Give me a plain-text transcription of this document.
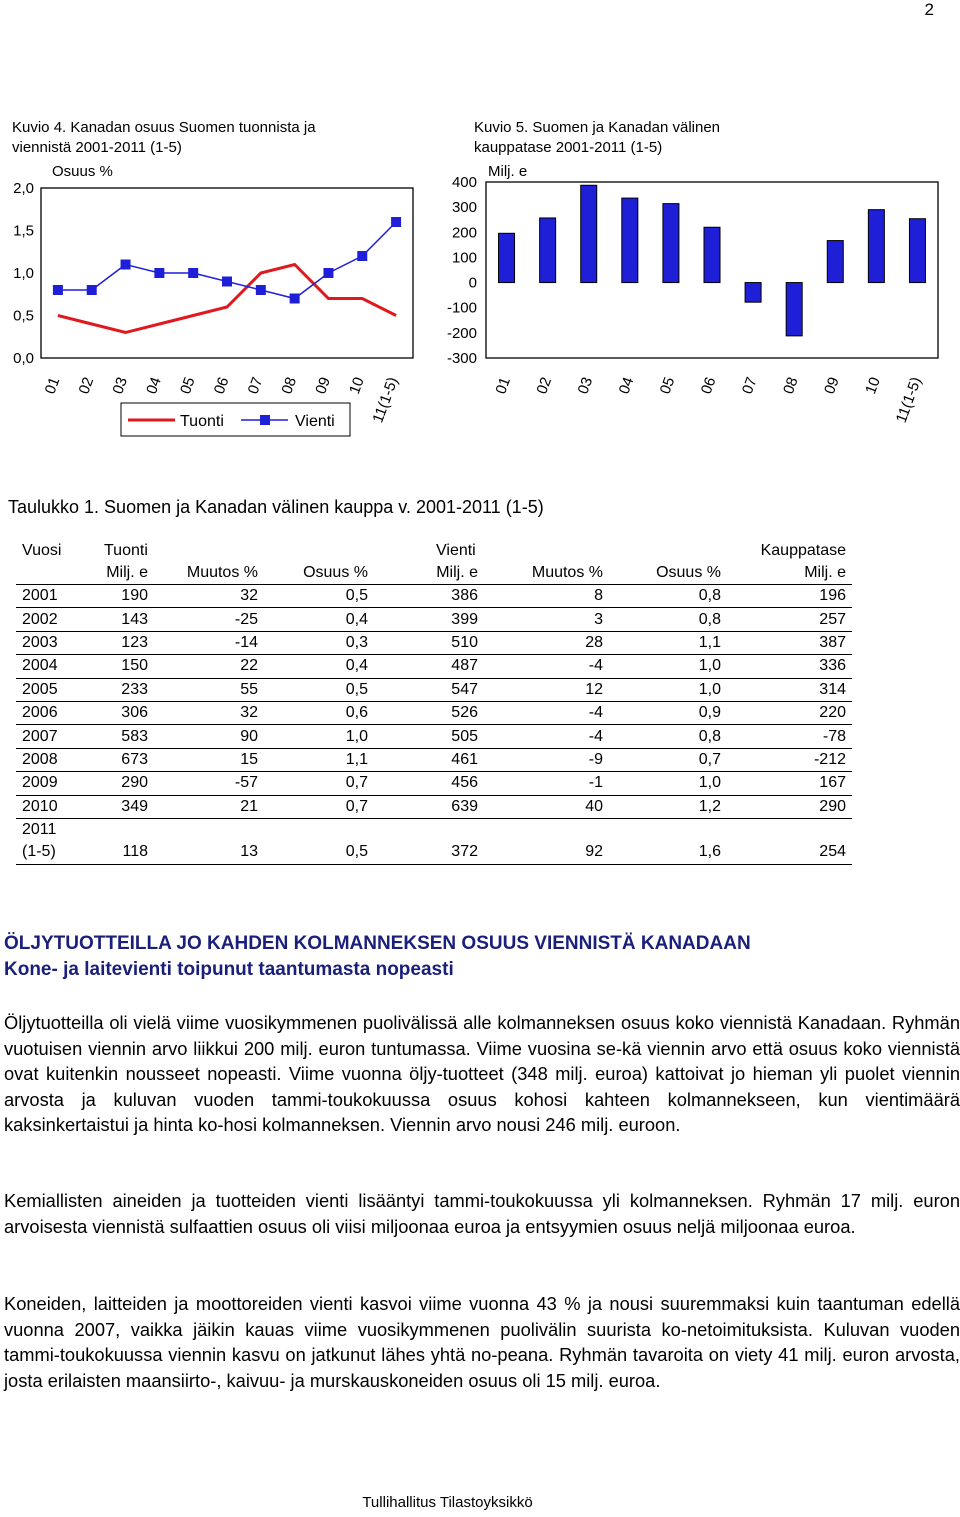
2
Kuvio 4. Kanadan osuus Suomen tuonnista ja
viennistä 2001-2011 (1-5)
Osuus %
0,0
0,5
1,0
1,5
2,0
01 02 03 04 05 06 07 08 09 10 11(1-5)
Tuonti	Vienti
Kuvio 5. Suomen ja Kanadan välinen
kauppatase 2001-2011 (1-5)
Milj. e
-300
-200
-100
0
100
200
300
400
01 02 03 04 05 06 07 08 09 10 11(1-5)
Taulukko 1. Suomen ja Kanadan välinen kauppa v. 2001-2011 (1-5)
Vuosi	Tuonti			Vienti			Kauppatase
	Milj. e	Muutos %	Osuus %	Milj. e	Muutos %	Osuus %	Milj. e
2001	190	32	0,5	386	8	0,8	196
2002	143	-25	0,4	399	3	0,8	257
2003	123	-14	0,3	510	28	1,1	387
2004	150	22	0,4	487	-4	1,0	336
2005	233	55	0,5	547	12	1,0	314
2006	306	32	0,6	526	-4	0,9	220
2007	583	90	1,0	505	-4	0,8	-78
2008	673	15	1,1	461	-9	0,7	-212
2009	290	-57	0,7	456	-1	1,0	167
2010	349	21	0,7	639	40	1,2	290
2011							
(1-5)	118	13	0,5	372	92	1,6	254
ÖLJYTUOTTEILLA JO KAHDEN KOLMANNEKSEN OSUUS VIENNISTÄ KANADAAN
Kone- ja laitevienti toipunut taantumasta nopeasti

Öljytuotteilla oli vielä viime vuosikymmenen puolivälissä alle kolmanneksen osuus koko viennistä Kanadaan. Ryhmän vuotuisen viennin arvo liikkui 200 milj. euron tuntumassa. Viime vuosina se-kä viennin arvo että osuus koko viennistä ovat kuitenkin nousseet nopeasti. Viime vuonna öljy-tuotteet (348 milj. euroa) kattoivat jo hieman yli puolet viennin arvosta ja kuluvan vuoden tammi-toukokuussa osuus kohosi kahteen kolmannekseen, kun vientimäärä kaksinkertaistui ja hinta ko-hosi kolmanneksen. Viennin arvo nousi 246 milj. euroon.

Kemiallisten aineiden ja tuotteiden vienti lisääntyi tammi-toukokuussa yli kolmanneksen. Ryhmän 17 milj. euron arvoisesta viennistä sulfaattien osuus oli viisi miljoonaa euroa ja entsyymien osuus neljä miljoonaa euroa.

Koneiden, laitteiden ja moottoreiden vienti kasvoi viime vuonna 43 % ja nousi suuremmaksi kuin taantuman edellä vuonna 2007, vaikka jäikin kauas viime vuosikymmenen puolivälin suurista ko-netoimituksista. Kuluvan vuoden tammi-toukokuussa viennin kasvu on jatkunut lähes yhtä no-peana. Ryhmän tavaroita on viety 41 milj. euron arvosta, josta erilaisten maansiirto-, kaivuu- ja murskauskoneiden osuus oli 15 milj. euroa.

Tullihallitus Tilastoyksikkö
